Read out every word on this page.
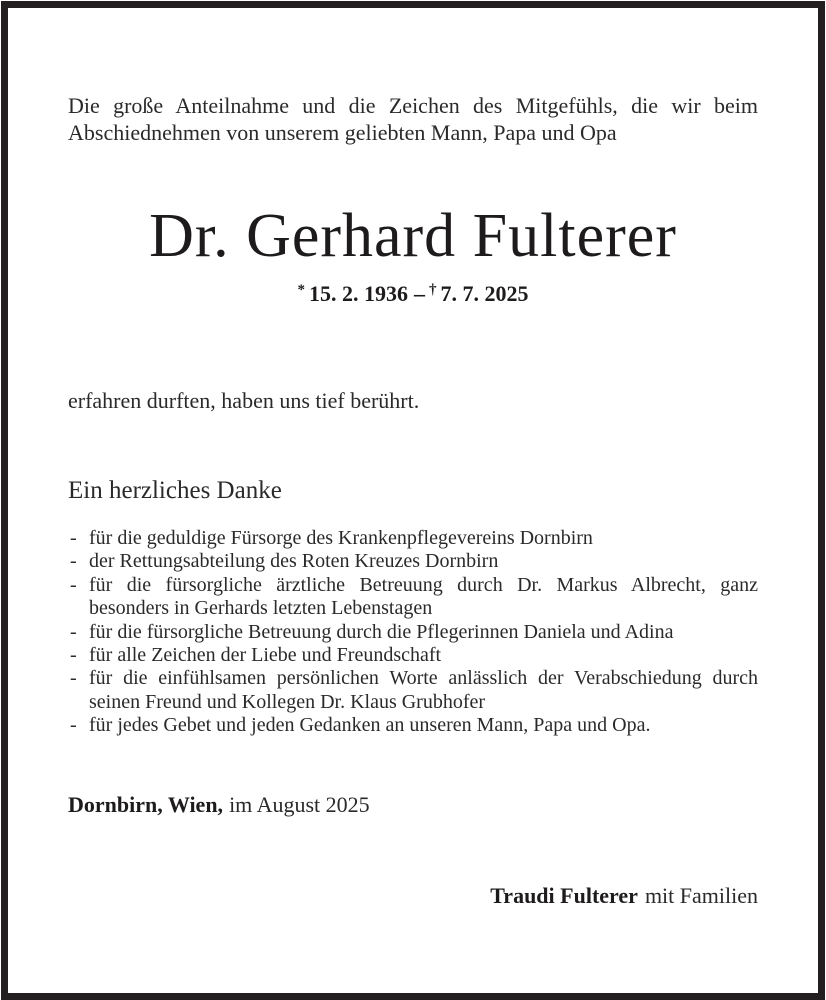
Die große Anteilnahme und die Zeichen des Mitgefühls, die wir beim
Abschiednehmen von unserem geliebten Mann, Papa und Opa
Dr. Gerhard Fulterer
* 15. 2. 1936 – † 7. 7. 2025
erfahren durften, haben uns tief berührt.
Ein herzliches Danke
- für die geduldige Fürsorge des Krankenpflegevereins Dornbirn
- der Rettungsabteilung des Roten Kreuzes Dornbirn
- für die fürsorgliche ärztliche Betreuung durch Dr. Markus Albrecht, ganz besonders in Gerhards letzten Lebenstagen
- für die fürsorgliche Betreuung durch die Pflegerinnen Daniela und Adina
- für alle Zeichen der Liebe und Freundschaft
- für die einfühlsamen persönlichen Worte anlässlich der Verabschiedung durch seinen Freund und Kollegen Dr. Klaus Grubhofer
- für jedes Gebet und jeden Gedanken an unseren Mann, Papa und Opa.
Dornbirn, Wien, im August 2025
Traudi Fulterer mit Familien
